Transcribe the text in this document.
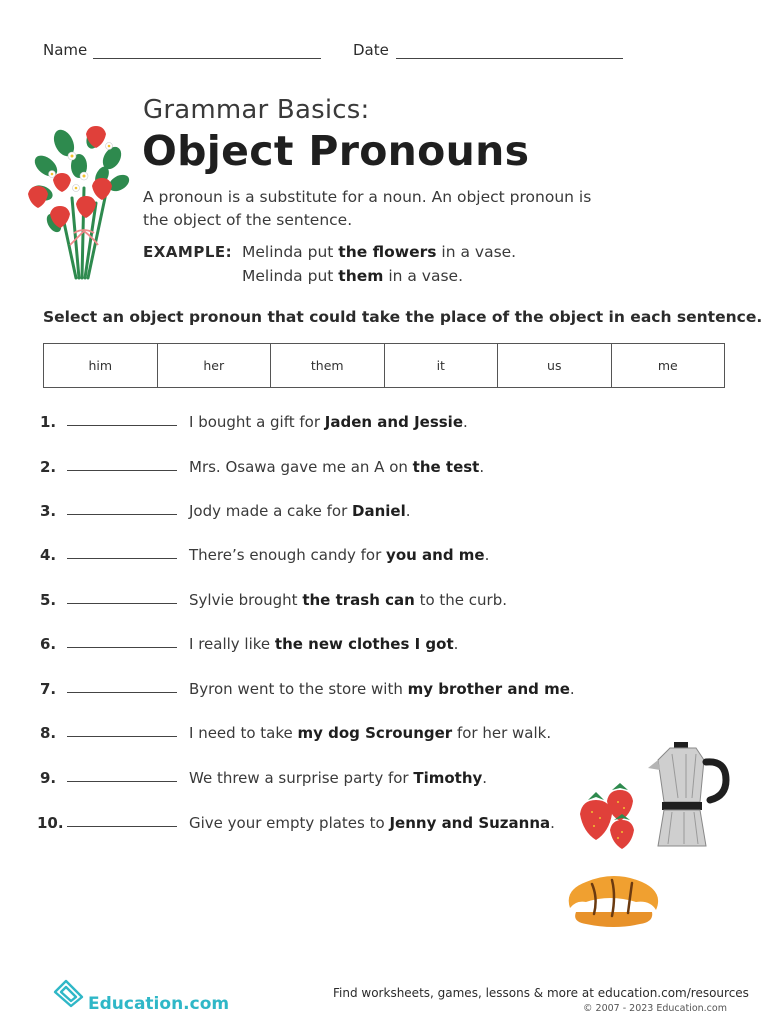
Name	Date
Grammar Basics:
Object Pronouns
A pronoun is a substitute for a noun. An object pronoun is the object of the sentence.
EXAMPLE: Melinda put the flowers in a vase.
Melinda put them in a vase.
Select an object pronoun that could take the place of the object in each sentence.
him	her	them	it	us	me
1.	I bought a gift for Jaden and Jessie.
2.	Mrs. Osawa gave me an A on the test.
3.	Jody made a cake for Daniel.
4.	There’s enough candy for you and me.
5.	Sylvie brought the trash can to the curb.
6.	I really like the new clothes I got.
7.	Byron went to the store with my brother and me.
8.	I need to take my dog Scrounger for her walk.
9.	We threw a surprise party for Timothy.
10.	Give your empty plates to Jenny and Suzanna.
Education.com
Find worksheets, games, lessons & more at education.com/resources
© 2007 - 2023 Education.com
